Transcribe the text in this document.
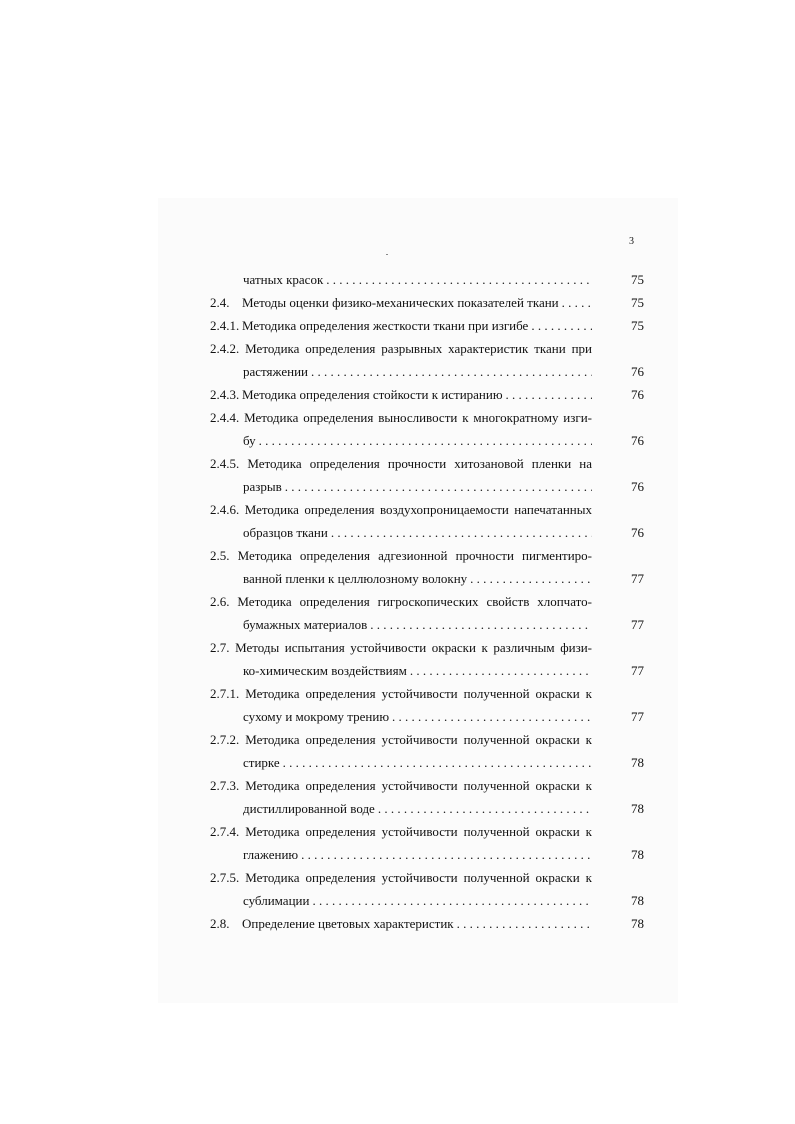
3
чатных красок . . .	75
2.4. Методы оценки физико-механических показателей ткани . . .	75
2.4.1. Методика определения жесткости ткани при изгибе . . .	75
2.4.2. Методика определения разрывных характеристик ткани при
растяжении . . .	76
2.4.3. Методика определения стойкости к истиранию . . .	76
2.4.4. Методика определения выносливости к многократному изги-
бу . . .	76
2.4.5. Методика определения прочности хитозановой пленки на
разрыв . . .	76
2.4.6. Методика определения воздухопроницаемости напечатанных
образцов ткани . . .	76
2.5. Методика определения адгезионной прочности пигментиро-
ванной пленки к целлюлозному волокну . . .	77
2.6. Методика определения гигроскопических свойств хлопчато-
бумажных материалов . . .	77
2.7. Методы испытания устойчивости окраски к различным физи-
ко-химическим воздействиям . . .	77
2.7.1. Методика определения устойчивости полученной окраски к
сухому и мокрому трению . . .	77
2.7.2. Методика определения устойчивости полученной окраски к
стирке . . .	78
2.7.3. Методика определения устойчивости полученной окраски к
дистиллированной воде . . .	78
2.7.4. Методика определения устойчивости полученной окраски к
глажению . . .	78
2.7.5. Методика определения устойчивости полученной окраски к
сублимации . . .	78
2.8. Определение цветовых характеристик . . .	78
